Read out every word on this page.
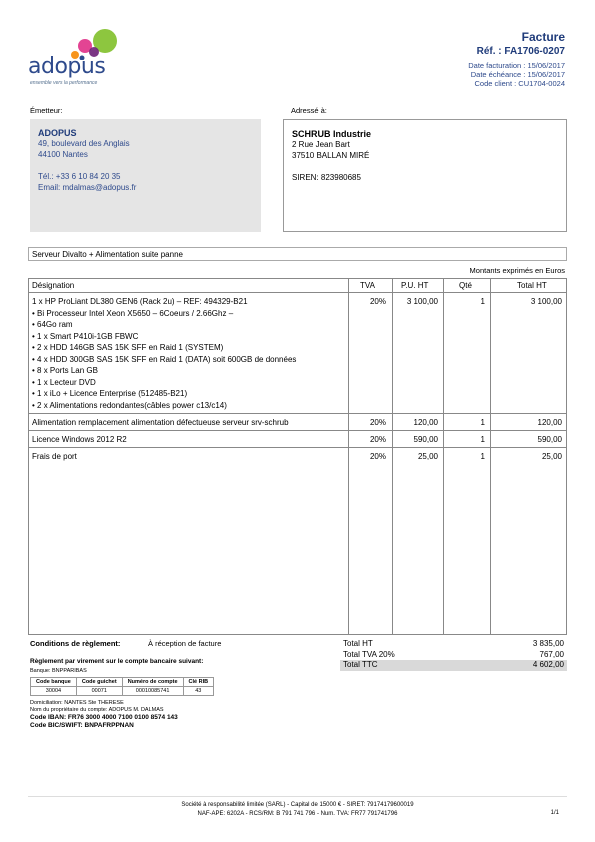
adopus
ensemble vers la performance
Facture
Réf. : FA1706-0207
Date facturation : 15/06/2017
Date échéance : 15/06/2017
Code client : CU1704-0024
Émetteur:	Adressé à:
ADOPUS
49, boulevard des Anglais
44100 Nantes
Tél.: +33 6 10 84 20 35
Email: mdalmas@adopus.fr
SCHRUB Industrie
2 Rue Jean Bart
37510 BALLAN MIRÉ
SIREN: 823980685
Serveur Divalto + Alimentation suite panne
Montants exprimés en Euros
Désignation	TVA	P.U. HT	Qté	Total HT
1 x HP ProLiant DL380 GEN6 (Rack 2u) – REF: 494329-B21
• Bi Processeur Intel Xeon X5650 – 6Coeurs / 2.66Ghz –
• 64Go ram
• 1 x Smart P410i-1GB FBWC
• 2 x HDD 146GB SAS 15K SFF en Raid 1 (SYSTEM)
• 4 x HDD 300GB SAS 15K SFF en Raid 1 (DATA) soit 600GB de données
• 8 x Ports Lan GB
• 1 x Lecteur DVD
• 1 x iLo + Licence Enterprise (512485-B21)
• 2 x Alimentations redondantes(câbles power c13/c14)
20%	3 100,00	1	3 100,00
Alimentation remplacement alimentation défectueuse serveur srv-schrub	20%	120,00	1	120,00
Licence Windows 2012 R2	20%	590,00	1	590,00
Frais de port	20%	25,00	1	25,00
Conditions de règlement:	À réception de facture
Règlement par virement sur le compte bancaire suivant:
Banque: BNPPARIBAS
Code banque	Code guichet	Numéro de compte	Clé RIB
30004	00071	00010085741	43
Domiciliation: NANTES Ste THERESE
Nom du propriétaire du compte: ADOPUS M. DALMAS
Code IBAN: FR76 3000 4000 7100 0100 8574 143
Code BIC/SWIFT: BNPAFRPPNAN
Total HT	3 835,00
Total TVA 20%	767,00
Total TTC	4 602,00
Société à responsabilité limitée (SARL) - Capital de 15000 € - SIRET: 79174179600019
NAF-APE: 6202A - RCS/RM: B 791 741 796 - Num. TVA: FR77 791741796	1/1
